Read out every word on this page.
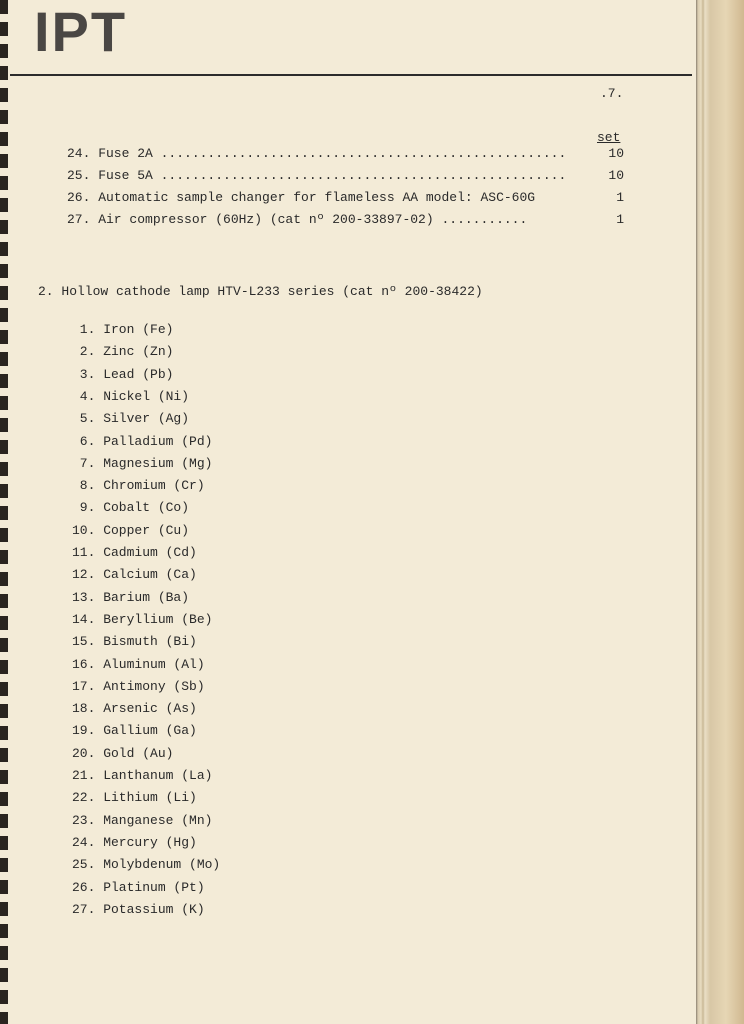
IPT
.7.
set
24. Fuse 2A ....................................................	10
25. Fuse 5A ....................................................	10
26. Automatic sample changer for flameless AA model: ASC-60G	1
27. Air compressor (60Hz) (cat nº 200-33897-02) ...........	1
2. Hollow cathode lamp HTV-L233 series (cat nº 200-38422)
1. Iron (Fe)
2. Zinc (Zn)
3. Lead (Pb)
4. Nickel (Ni)
5. Silver (Ag)
6. Palladium (Pd)
7. Magnesium (Mg)
8. Chromium (Cr)
9. Cobalt (Co)
10. Copper (Cu)
11. Cadmium (Cd)
12. Calcium (Ca)
13. Barium (Ba)
14. Beryllium (Be)
15. Bismuth (Bi)
16. Aluminum (Al)
17. Antimony (Sb)
18. Arsenic (As)
19. Gallium (Ga)
20. Gold (Au)
21. Lanthanum (La)
22. Lithium (Li)
23. Manganese (Mn)
24. Mercury (Hg)
25. Molybdenum (Mo)
26. Platinum (Pt)
27. Potassium (K)
